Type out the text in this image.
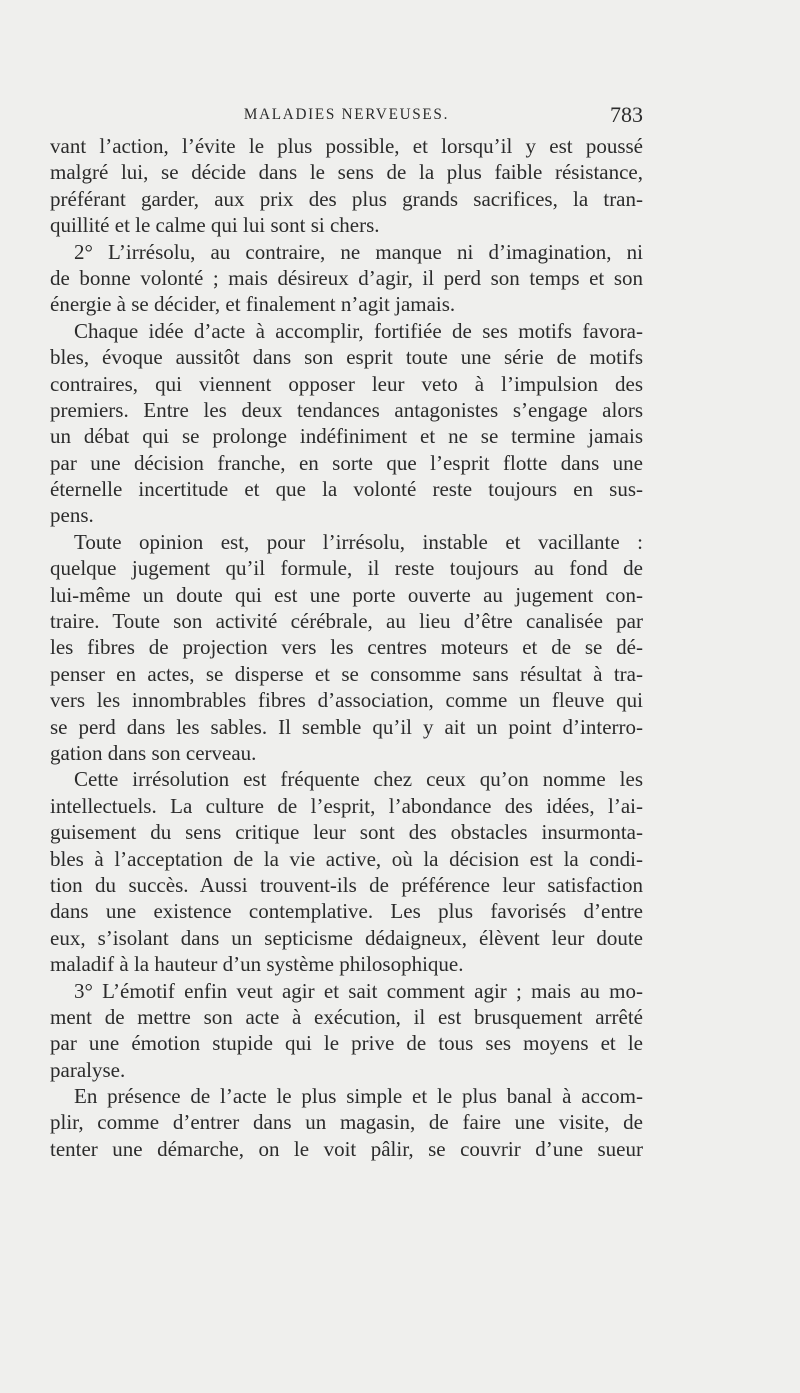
MALADIES NERVEUSES.	783
vant l’action, l’évite le plus possible, et lorsqu’il y est poussé
malgré lui, se décide dans le sens de la plus faible résistance,
préférant garder, aux prix des plus grands sacrifices, la tran-
quillité et le calme qui lui sont si chers.
2° L’irrésolu, au contraire, ne manque ni d’imagination, ni
de bonne volonté ; mais désireux d’agir, il perd son temps et son
énergie à se décider, et finalement n’agit jamais.
Chaque idée d’acte à accomplir, fortifiée de ses motifs favora-
bles, évoque aussitôt dans son esprit toute une série de motifs
contraires, qui viennent opposer leur veto à l’impulsion des
premiers. Entre les deux tendances antagonistes s’engage alors
un débat qui se prolonge indéfiniment et ne se termine jamais
par une décision franche, en sorte que l’esprit flotte dans une
éternelle incertitude et que la volonté reste toujours en sus-
pens.
Toute opinion est, pour l’irrésolu, instable et vacillante :
quelque jugement qu’il formule, il reste toujours au fond de
lui-même un doute qui est une porte ouverte au jugement con-
traire. Toute son activité cérébrale, au lieu d’être canalisée par
les fibres de projection vers les centres moteurs et de se dé-
penser en actes, se disperse et se consomme sans résultat à tra-
vers les innombrables fibres d’association, comme un fleuve qui
se perd dans les sables. Il semble qu’il y ait un point d’interro-
gation dans son cerveau.
Cette irrésolution est fréquente chez ceux qu’on nomme les
intellectuels. La culture de l’esprit, l’abondance des idées, l’ai-
guisement du sens critique leur sont des obstacles insurmonta-
bles à l’acceptation de la vie active, où la décision est la condi-
tion du succès. Aussi trouvent-ils de préférence leur satisfaction
dans une existence contemplative. Les plus favorisés d’entre
eux, s’isolant dans un septicisme dédaigneux, élèvent leur doute
maladif à la hauteur d’un système philosophique.
3° L’émotif enfin veut agir et sait comment agir ; mais au mo-
ment de mettre son acte à exécution, il est brusquement arrêté
par une émotion stupide qui le prive de tous ses moyens et le
paralyse.
En présence de l’acte le plus simple et le plus banal à accom-
plir, comme d’entrer dans un magasin, de faire une visite, de
tenter une démarche, on le voit pâlir, se couvrir d’une sueur
